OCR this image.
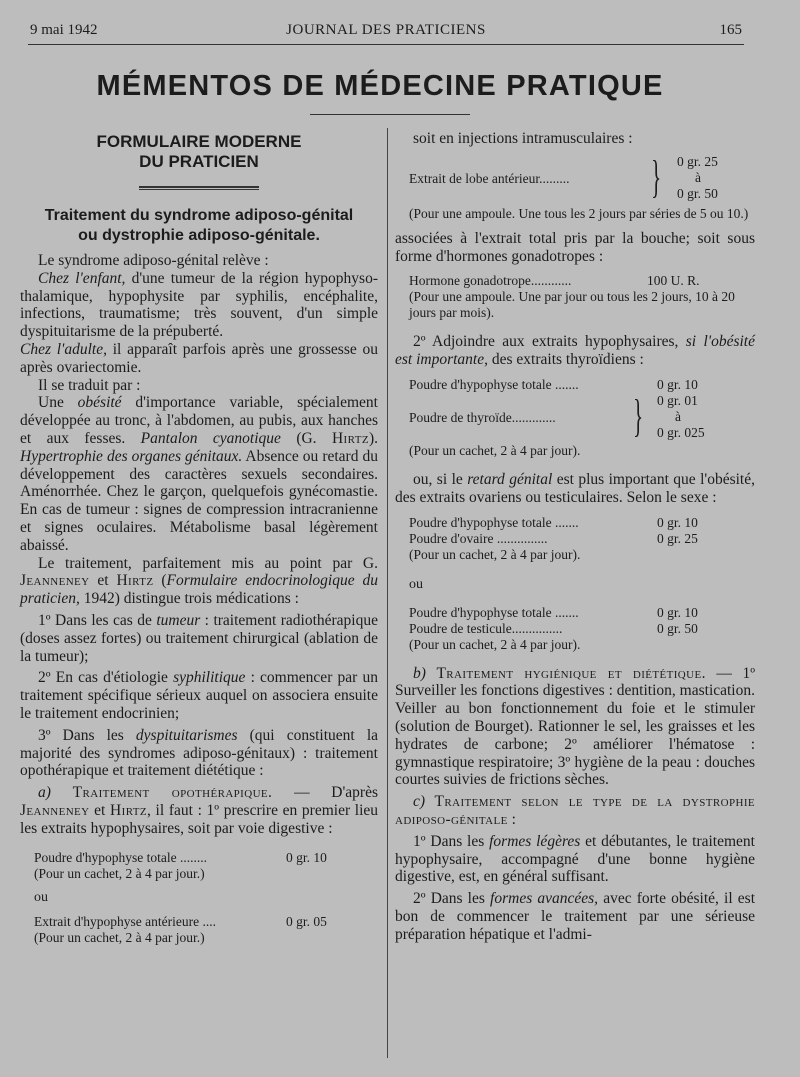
9 mai 1942	JOURNAL DES PRATICIENS	165
MÉMENTOS DE MÉDECINE PRATIQUE
FORMULAIRE MODERNE
DU PRATICIEN
Traitement du syndrome adiposo-génital
ou dystrophie adiposo-génitale.

Le syndrome adiposo-génital relève :

Chez l'enfant, d'une tumeur de la région hypophyso-thalamique, hypophysite par syphilis, encéphalite, infections, traumatisme; très souvent, d'un simple dyspituitarisme de la prépuberté.

Chez l'adulte, il apparaît parfois après une grossesse ou après ovariectomie.

Il se traduit par :

Une obésité d'importance variable, spécialement développée au tronc, à l'abdomen, au pubis, aux hanches et aux fesses. Pantalon cyanotique (G. Hirtz). Hypertrophie des organes génitaux. Absence ou retard du développement des caractères sexuels secondaires. Aménorrhée. Chez le garçon, quelquefois gynécomastie. En cas de tumeur : signes de compression intracranienne et signes oculaires. Métabolisme basal légèrement abaissé.

Le traitement, parfaitement mis au point par G. Jeanneney et Hirtz (Formulaire endocrinologique du praticien, 1942) distingue trois médications :

1º Dans les cas de tumeur : traitement radiothérapique (doses assez fortes) ou traitement chirurgical (ablation de la tumeur);

2º En cas d'étiologie syphilitique : commencer par un traitement spécifique sérieux auquel on associera ensuite le traitement endocrinien;

3º Dans les dyspituitarismes (qui constituent la majorité des syndromes adiposo-génitaux) : traitement opothérapique et traitement diététique :

a) Traitement opothérapique. — D'après Jeanneney et Hirtz, il faut : 1º prescrire en premier lieu les extraits hypophysaires, soit par voie digestive :

Poudre d'hypophyse totale ........	0 gr. 10
(Pour un cachet, 2 à 4 par jour.)
ou
Extrait d'hypophyse antérieure ....	0 gr. 05
(Pour un cachet, 2 à 4 par jour.)

soit en injections intramusculaires :

Extrait de lobe antérieur......... } 0 gr. 25
à
0 gr. 50
(Pour une ampoule. Une tous les 2 jours par séries de 5 ou 10.)

associées à l'extrait total pris par la bouche; soit sous forme d'hormones gonadotropes :

Hormone gonadotrope............	100 U. R.
(Pour une ampoule. Une par jour ou tous les 2 jours, 10 à 20 jours par mois).

2º Adjoindre aux extraits hypophysaires, si l'obésité est importante, des extraits thyroïdiens :

Poudre d'hypophyse totale .......	0 gr. 10
Poudre de thyroïde............. } 0 gr. 01
à
0 gr. 025
(Pour un cachet, 2 à 4 par jour).

ou, si le retard génital est plus important que l'obésité, des extraits ovariens ou testiculaires. Selon le sexe :

Poudre d'hypophyse totale .......	0 gr. 10
Poudre d'ovaire ...............	0 gr. 25
(Pour un cachet, 2 à 4 par jour).
ou
Poudre d'hypophyse totale .......	0 gr. 10
Poudre de testicule...............	0 gr. 50
(Pour un cachet, 2 à 4 par jour).

b) Traitement hygiénique et diététique. — 1º Surveiller les fonctions digestives : dentition, mastication. Veiller au bon fonctionnement du foie et le stimuler (solution de Bourget). Rationner le sel, les graisses et les hydrates de carbone; 2º améliorer l'hématose : gymnastique respiratoire; 3º hygiène de la peau : douches courtes suivies de frictions sèches.

c) Traitement selon le type de la dystrophie adiposo-génitale :

1º Dans les formes légères et débutantes, le traitement hypophysaire, accompagné d'une bonne hygiène digestive, est, en général suffisant.

2º Dans les formes avancées, avec forte obésité, il est bon de commencer le traitement par une sérieuse préparation hépatique et l'admi-
